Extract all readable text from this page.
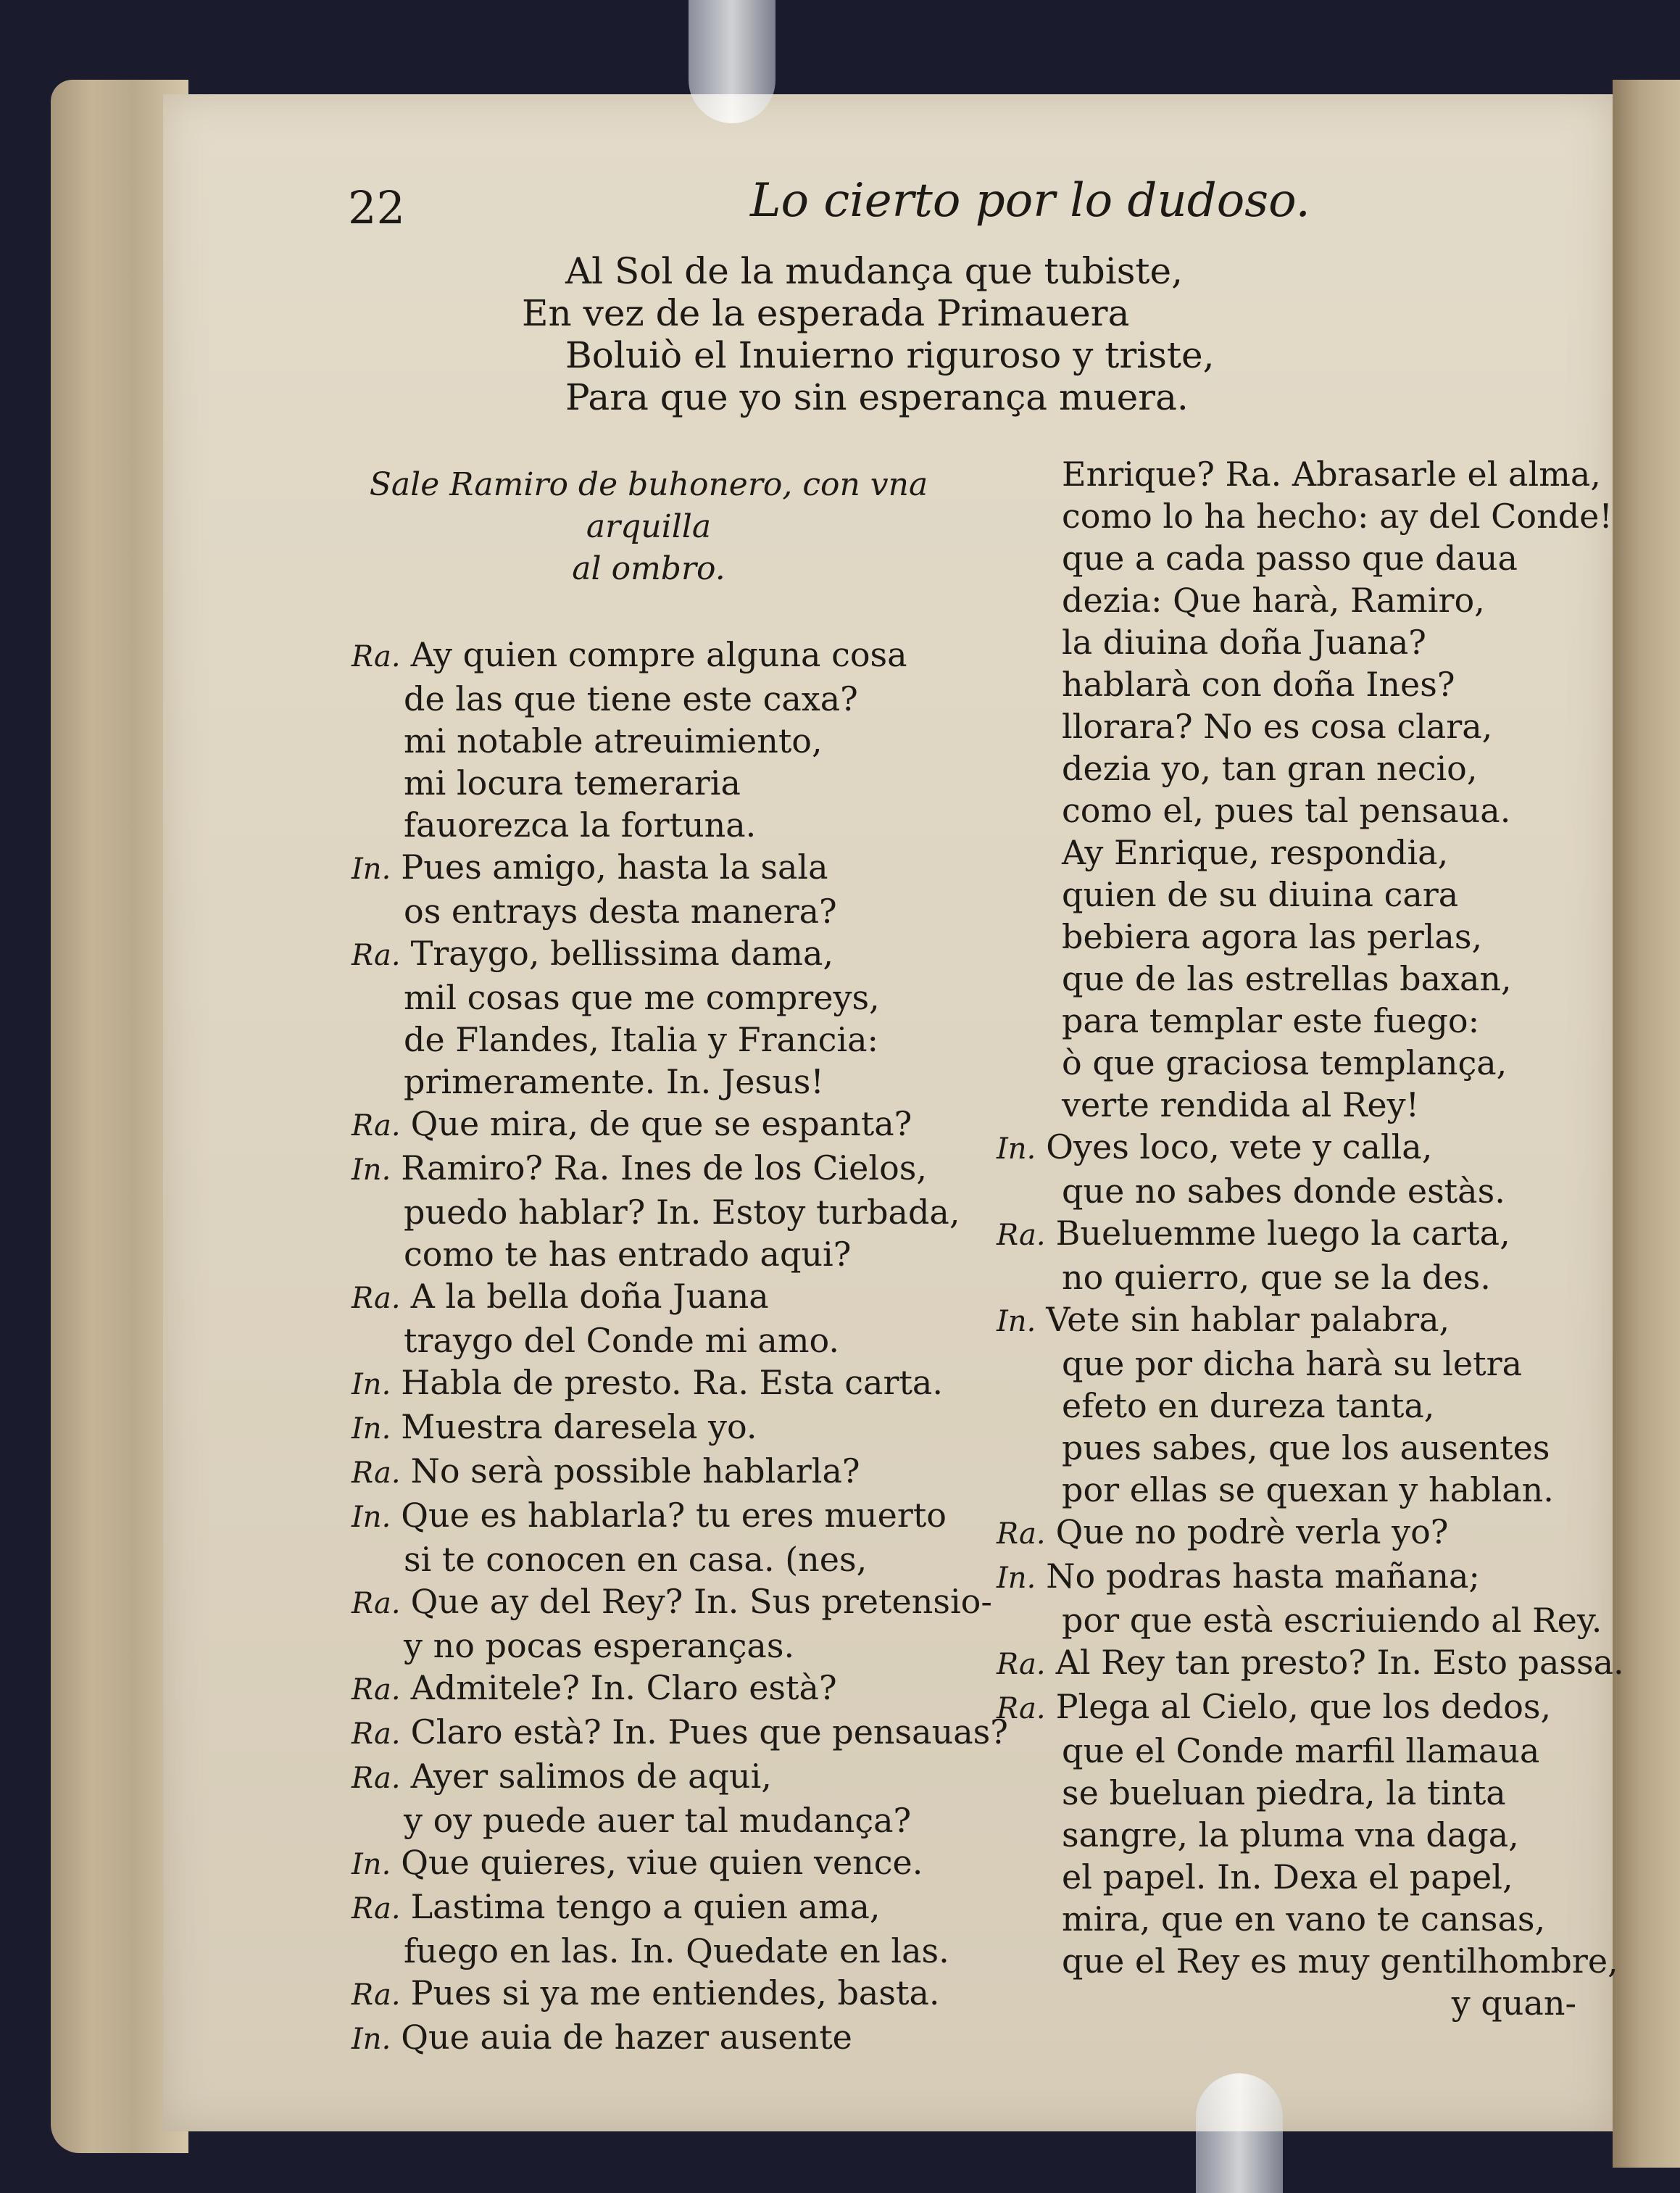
22	Lo cierto por lo dudoso.
Al Sol de la mudança que tubiste,
En vez de la esperada Primauera
Boluiò el Inuierno riguroso y triste,
Para que yo sin esperança muera.
Sale Ramiro de buhonero, con vna arquilla
al ombro.
Ra. Ay quien compre alguna cosa
de las que tiene este caxa?
mi notable atreuimiento,
mi locura temeraria
fauorezca la fortuna.
In. Pues amigo, hasta la sala
os entrays desta manera?
Ra. Traygo, bellissima dama,
mil cosas que me compreys,
de Flandes, Italia y Francia:
primeramente. In. Jesus!
Ra. Que mira, de que se espanta?
In. Ramiro? Ra. Ines de los Cielos,
puedo hablar? In. Estoy turbada,
como te has entrado aqui?
Ra. A la bella doña Juana
traygo del Conde mi amo.
In. Habla de presto. Ra. Esta carta.
In. Muestra daresela yo.
Ra. No serà possible hablarla?
In. Que es hablarla? tu eres muerto
si te conocen en casa. (nes,
Ra. Que ay del Rey? In. Sus pretensio-
y no pocas esperanças.
Ra. Admitele? In. Claro està?
Ra. Claro està? In. Pues que pensauas?
Ra. Ayer salimos de aqui,
y oy puede auer tal mudança?
In. Que quieres, viue quien vence.
Ra. Lastima tengo a quien ama,
fuego en las. In. Quedate en las.
Ra. Pues si ya me entiendes, basta.
In. Que auia de hazer ausente
Enrique? Ra. Abrasarle el alma,
como lo ha hecho: ay del Conde!
que a cada passo que daua
dezia: Que harà, Ramiro,
la diuina doña Juana?
hablarà con doña Ines?
llorara? No es cosa clara,
dezia yo, tan gran necio,
como el, pues tal pensaua.
Ay Enrique, respondia,
quien de su diuina cara
bebiera agora las perlas,
que de las estrellas baxan,
para templar este fuego:
ò que graciosa templança,
verte rendida al Rey!
In. Oyes loco, vete y calla,
que no sabes donde estàs.
Ra. Bueluemme luego la carta,
no quierro, que se la des.
In. Vete sin hablar palabra,
que por dicha harà su letra
efeto en dureza tanta,
pues sabes, que los ausentes
por ellas se quexan y hablan.
Ra. Que no podrè verla yo?
In. No podras hasta mañana;
por que està escriuiendo al Rey.
Ra. Al Rey tan presto? In. Esto passa.
Ra. Plega al Cielo, que los dedos,
que el Conde marfil llamaua
se bueluan piedra, la tinta
sangre, la pluma vna daga,
el papel. In. Dexa el papel,
mira, que en vano te cansas,
que el Rey es muy gentilhombre,
y quan-
